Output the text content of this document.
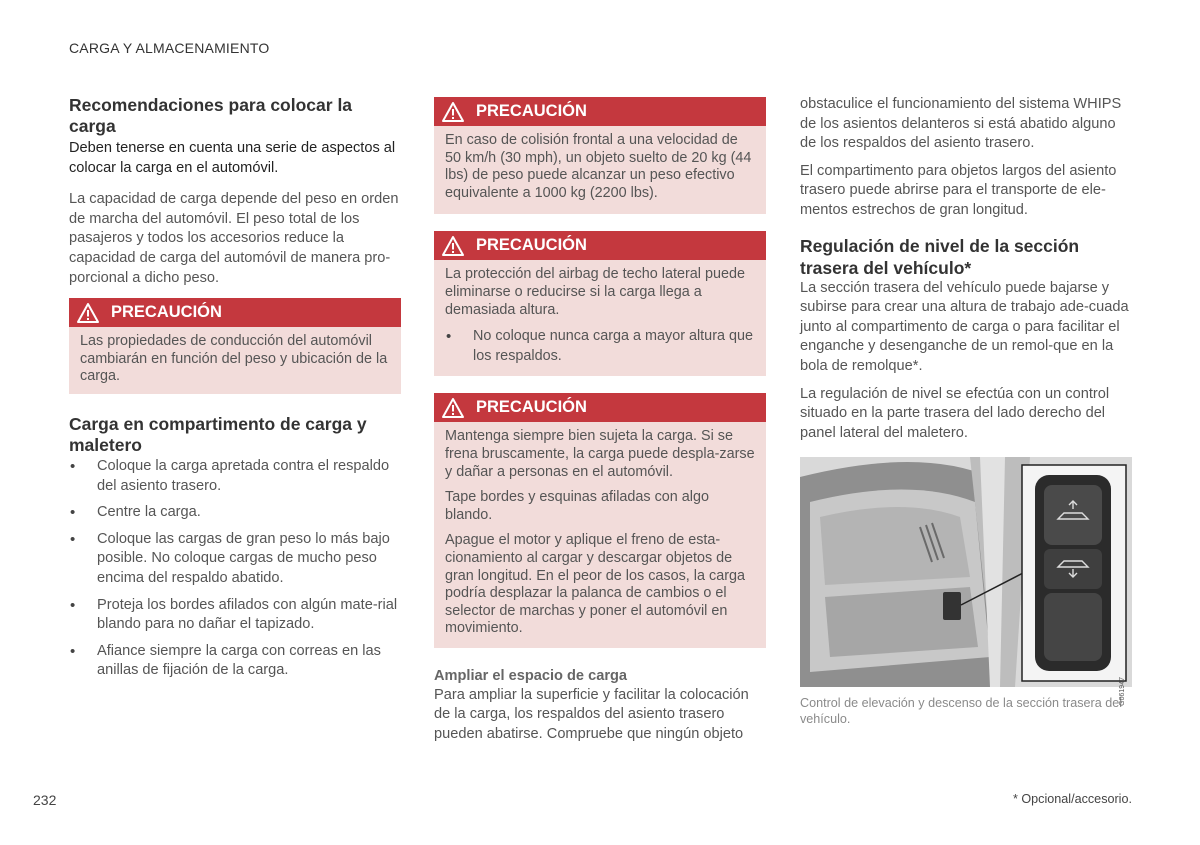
CARGA Y ALMACENAMIENTO
Recomendaciones para colocar la carga

Deben tenerse en cuenta una serie de aspectos al colocar la carga en el automóvil.

La capacidad de carga depende del peso en orden de marcha del automóvil. El peso total de los pasajeros y todos los accesorios reduce la capacidad de carga del automóvil de manera pro-porcional a dicho peso.

PRECAUCIÓN

Las propiedades de conducción del automóvil cambiarán en función del peso y ubicación de la carga.

Carga en compartimento de carga y maletero
• Coloque la carga apretada contra el respaldo del asiento trasero.
• Centre la carga.
• Coloque las cargas de gran peso lo más bajo posible. No coloque cargas de mucho peso encima del respaldo abatido.
• Proteja los bordes afilados con algún mate-rial blando para no dañar el tapizado.
• Afiance siempre la carga con correas en las anillas de fijación de la carga.
PRECAUCIÓN

En caso de colisión frontal a una velocidad de 50 km/h (30 mph), un objeto suelto de 20 kg (44 lbs) de peso puede alcanzar un peso efectivo equivalente a 1000 kg (2200 lbs).

PRECAUCIÓN

La protección del airbag de techo lateral puede eliminarse o reducirse si la carga llega a demasiada altura.

• No coloque nunca carga a mayor altura que los respaldos.
PRECAUCIÓN

Mantenga siempre bien sujeta la carga. Si se frena bruscamente, la carga puede despla-zarse y dañar a personas en el automóvil.

Tape bordes y esquinas afiladas con algo blando.

Apague el motor y aplique el freno de esta-cionamiento al cargar y descargar objetos de gran longitud. En el peor de los casos, la carga podría desplazar la palanca de cambios o el selector de marchas y poner el automóvil en movimiento.

Ampliar el espacio de carga

Para ampliar la superficie y facilitar la colocación de la carga, los respaldos del asiento trasero pueden abatirse. Compruebe que ningún objeto

obstaculice el funcionamiento del sistema WHIPS de los asientos delanteros si está abatido alguno de los respaldos del asiento trasero.

El compartimento para objetos largos del asiento trasero puede abrirse para el transporte de ele-mentos estrechos de gran longitud.

Regulación de nivel de la sección trasera del vehículo*

La sección trasera del vehículo puede bajarse y subirse para crear una altura de trabajo ade-cuada junto al compartimento de carga o para facilitar el enganche y desenganche de un remol-que en la bola de remolque*.

La regulación de nivel se efectúa con un control situado en la parte trasera del lado derecho del panel lateral del maletero.

G061947

Control de elevación y descenso de la sección trasera del vehículo.

232	* Opcional/accesorio.
